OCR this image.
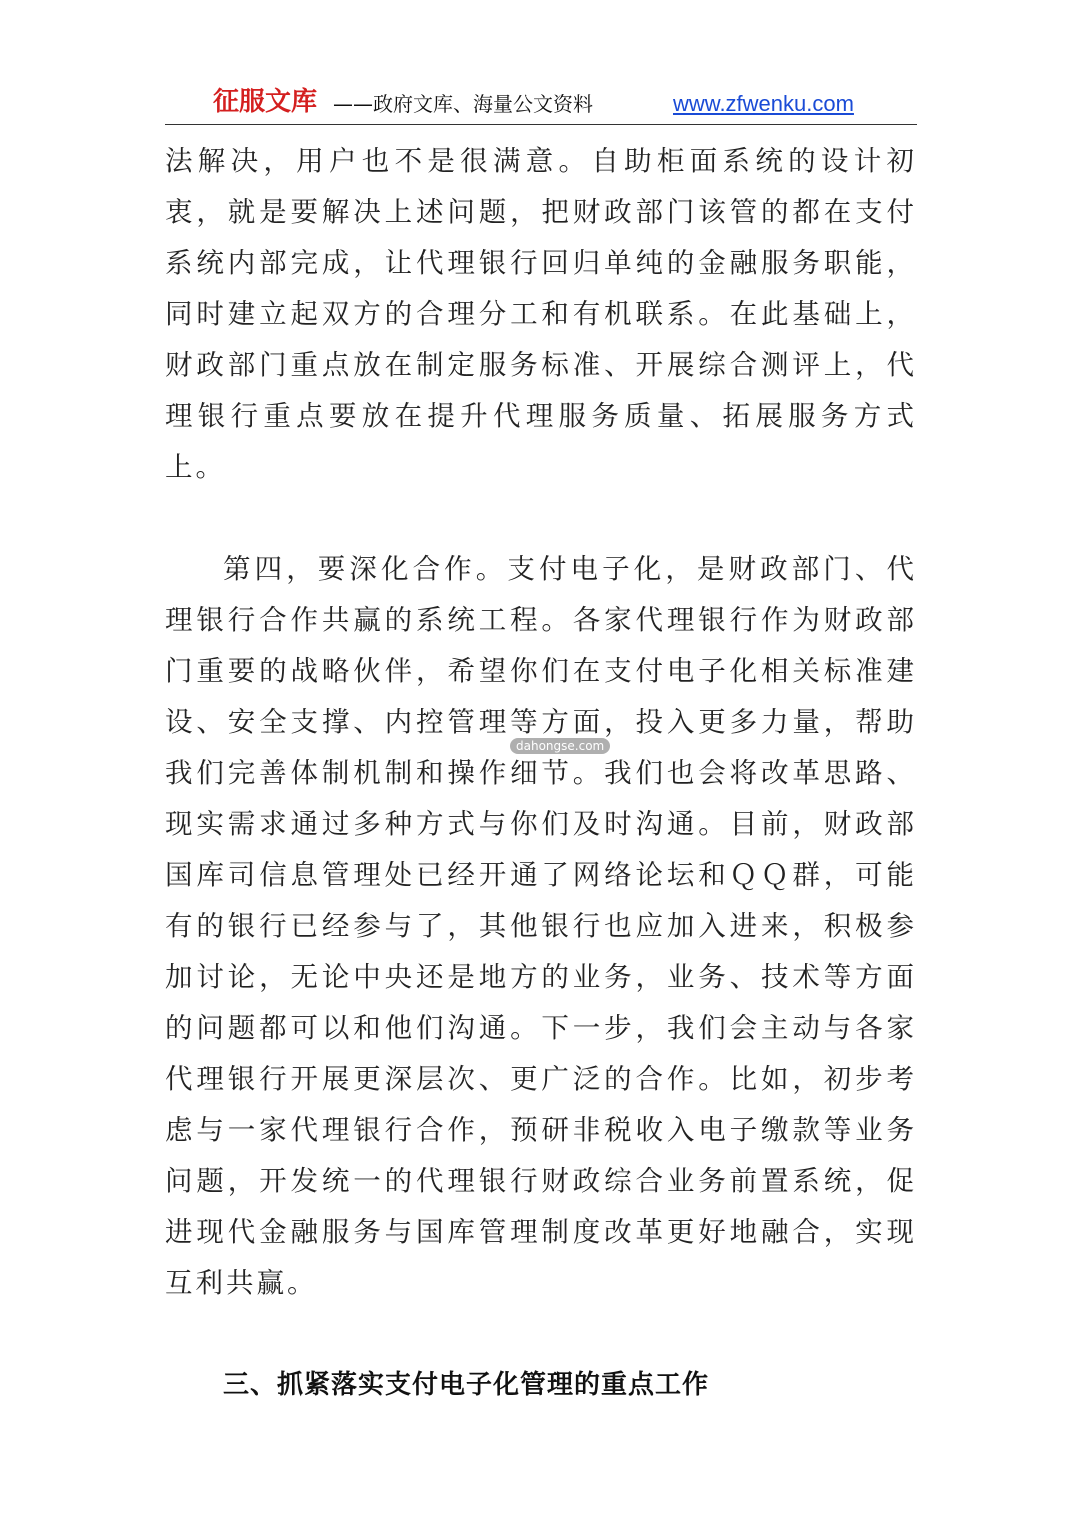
征服文库 ——政府文库、海量公文资料	www.zfwenku.com

法解决，用户也不是很满意。自助柜面系统的设计初衷，就是要解决上述问题，把财政部门该管的都在支付系统内部完成，让代理银行回归单纯的金融服务职能，同时建立起双方的合理分工和有机联系。在此基础上，财政部门重点放在制定服务标准、开展综合测评上，代理银行重点要放在提升代理服务质量、拓展服务方式上。

第四，要深化合作。支付电子化，是财政部门、代理银行合作共赢的系统工程。各家代理银行作为财政部门重要的战略伙伴，希望你们在支付电子化相关标准建设、安全支撑、内控管理等方面，投入更多力量，帮助我们完善体制机制和操作细节。我们也会将改革思路、现实需求通过多种方式与你们及时沟通。目前，财政部国库司信息管理处已经开通了网络论坛和ＱＱ群，可能有的银行已经参与了，其他银行也应加入进来，积极参加讨论，无论中央还是地方的业务，业务、技术等方面的问题都可以和他们沟通。下一步，我们会主动与各家代理银行开展更深层次、更广泛的合作。比如，初步考虑与一家代理银行合作，预研非税收入电子缴款等业务问题，开发统一的代理银行财政综合业务前置系统，促进现代金融服务与国库管理制度改革更好地融合，实现互利共赢。

三、抓紧落实支付电子化管理的重点工作
dahongse.com
